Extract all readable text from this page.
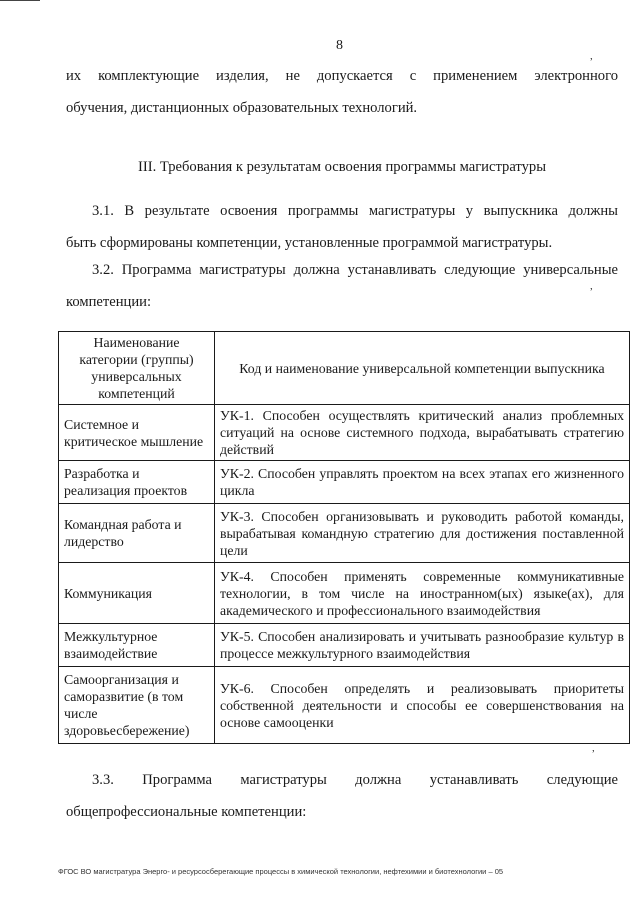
8
,
,
,
их комплектующие изделия, не допускается с применением электронного
обучения, дистанционных образовательных технологий.
III. Требования к результатам освоения программы магистратуры
3.1. В результате освоения программы магистратуры у выпускника должны
быть сформированы компетенции, установленные программой магистратуры.
3.2. Программа магистратуры должна устанавливать следующие универсальные
компетенции:
Наименование категории (группы) универсальных компетенций	Код и наименование универсальной компетенции выпускника
Системное и критическое мышление	УК-1. Способен осуществлять критический анализ проблемных ситуаций на основе системного подхода, вырабатывать стратегию действий
Разработка и реализация проектов	УК-2. Способен управлять проектом на всех этапах его жизненного цикла
Командная работа и лидерство	УК-3. Способен организовывать и руководить работой команды, вырабатывая командную стратегию для достижения поставленной цели
Коммуникация	УК-4. Способен применять современные коммуникативные технологии, в том числе на иностранном(ых) языке(ах), для академического и профессионального взаимодействия
Межкультурное взаимодействие	УК-5. Способен анализировать и учитывать разнообразие культур в процессе межкультурного взаимодействия
Самоорганизация и саморазвитие (в том числе здоровьесбережение)	УК-6. Способен определять и реализовывать приоритеты собственной деятельности и способы ее совершенствования на основе самооценки
3.3. Программа магистратуры должна устанавливать следующие
общепрофессиональные компетенции:
ФГОС ВО магистратура Энерго- и ресурсосберегающие процессы в химической технологии, нефтехимии и биотехнологии – 05
